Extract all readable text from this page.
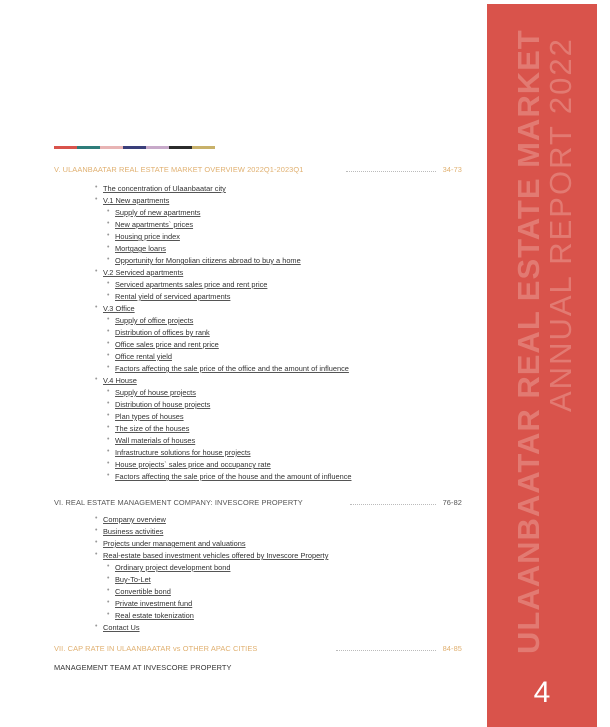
V. ULAANBAATAR REAL ESTATE MARKET OVERVIEW 2022Q1-2023Q1	34-73
• The concentration of Ulaanbaatar city
• V.1 New apartments
• Supply of new apartments
• New apartments` prices
• Housing price index
• Mortgage loans
• Opportunity for Mongolian citizens abroad to buy a home
• V.2 Serviced apartments
• Serviced apartments sales price and rent price
• Rental yield of serviced apartments
• V.3 Office
• Supply of office projects
• Distribution of offices by rank
• Office sales price and rent price
• Office rental yield
• Factors affecting the sale price of the office and the amount of influence
• V.4 House
• Supply of house projects
• Distribution of house projects
• Plan types of houses
• The size of the houses
• Wall materials of houses
• Infrastructure solutions for house projects
• House projects` sales price and occupancy rate
• Factors affecting the sale price of the house and the amount of influence
VI. REAL ESTATE MANAGEMENT COMPANY: INVESCORE PROPERTY	76-82
• Company overview
• Business activities
• Projects under management and valuations
• Real-estate based investment vehicles offered by Invescore Property
• Ordinary project development bond
• Buy-To-Let
• Convertible bond
• Private investment fund
• Real estate tokenization
• Contact Us
VII. CAP RATE IN ULAANBAATAR vs OTHER APAC CITIES	84-85
MANAGEMENT TEAM AT INVESCORE PROPERTY
ULAANBAATAR REAL ESTATE MARKET
ANNUAL REPORT 2022
4
